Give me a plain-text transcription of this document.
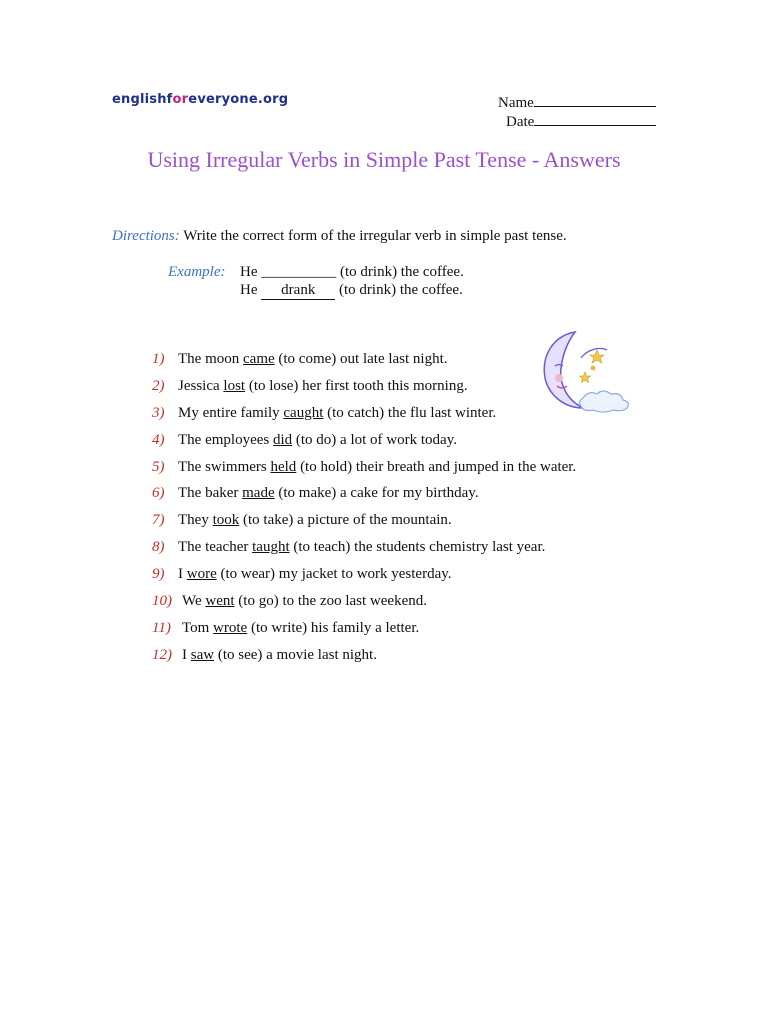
englishforeveryone.org	Name
Date
Using Irregular Verbs in Simple Past Tense - Answers
Directions: Write the correct form of the irregular verb in simple past tense.
Example: He __________ (to drink) the coffee.
He drank (to drink) the coffee.
1) The moon came (to come) out late last night.
2) Jessica lost (to lose) her first tooth this morning.
3) My entire family caught (to catch) the flu last winter.
4) The employees did (to do) a lot of work today.
5) The swimmers held (to hold) their breath and jumped in the water.
6) The baker made (to make) a cake for my birthday.
7) They took (to take) a picture of the mountain.
8) The teacher taught (to teach) the students chemistry last year.
9) I wore (to wear) my jacket to work yesterday.
10) We went (to go) to the zoo last weekend.
11) Tom wrote (to write) his family a letter.
12) I saw (to see) a movie last night.
